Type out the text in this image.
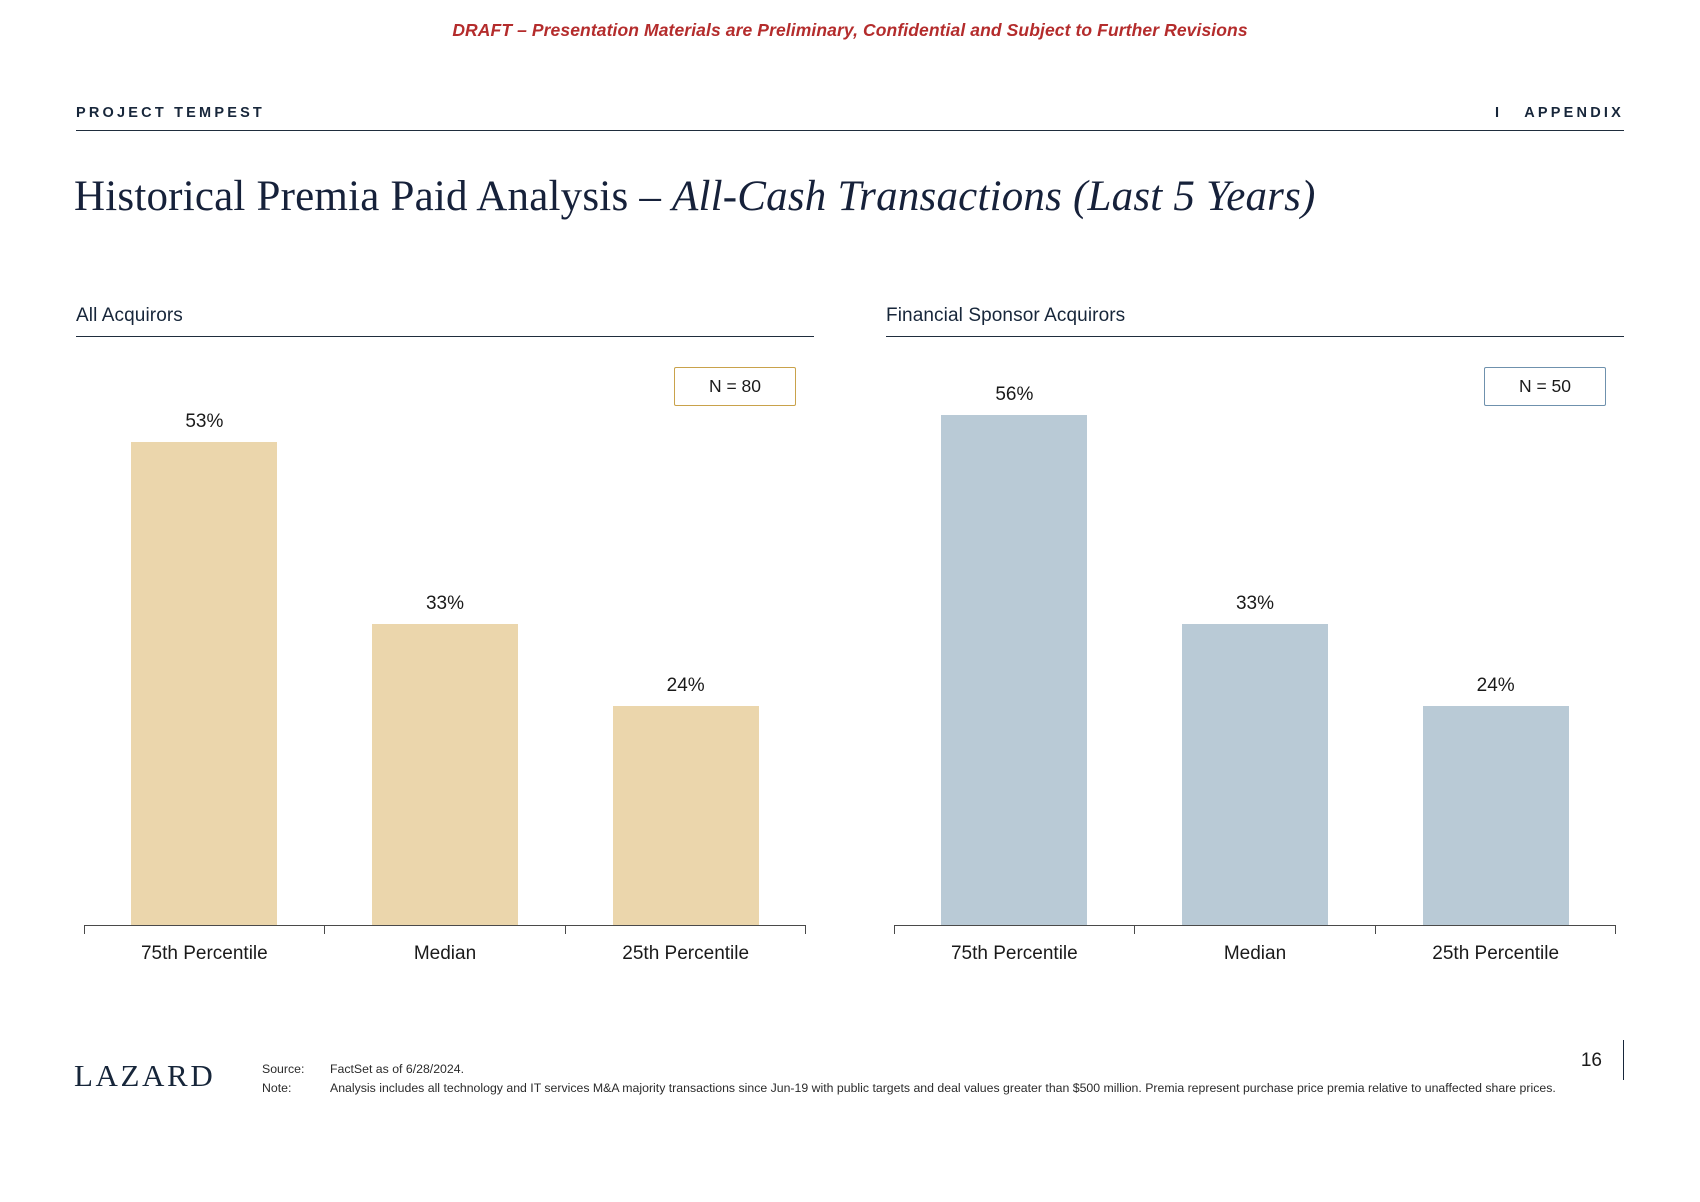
DRAFT – Presentation Materials are Preliminary, Confidential and Subject to Further Revisions
PROJECT TEMPEST	I APPENDIX
Historical Premia Paid Analysis – All-Cash Transactions (Last 5 Years)
All Acquirors
N = 80
53%
33%
24%
75th Percentile	Median	25th Percentile
Financial Sponsor Acquirors
N = 50
56%
33%
24%
75th Percentile	Median	25th Percentile
LAZARD	Source:	FactSet as of 6/28/2024.
Note:	Analysis includes all technology and IT services M&A majority transactions since Jun-19 with public targets and deal values greater than $500 million. Premia represent purchase price premia relative to unaffected share prices.
16
